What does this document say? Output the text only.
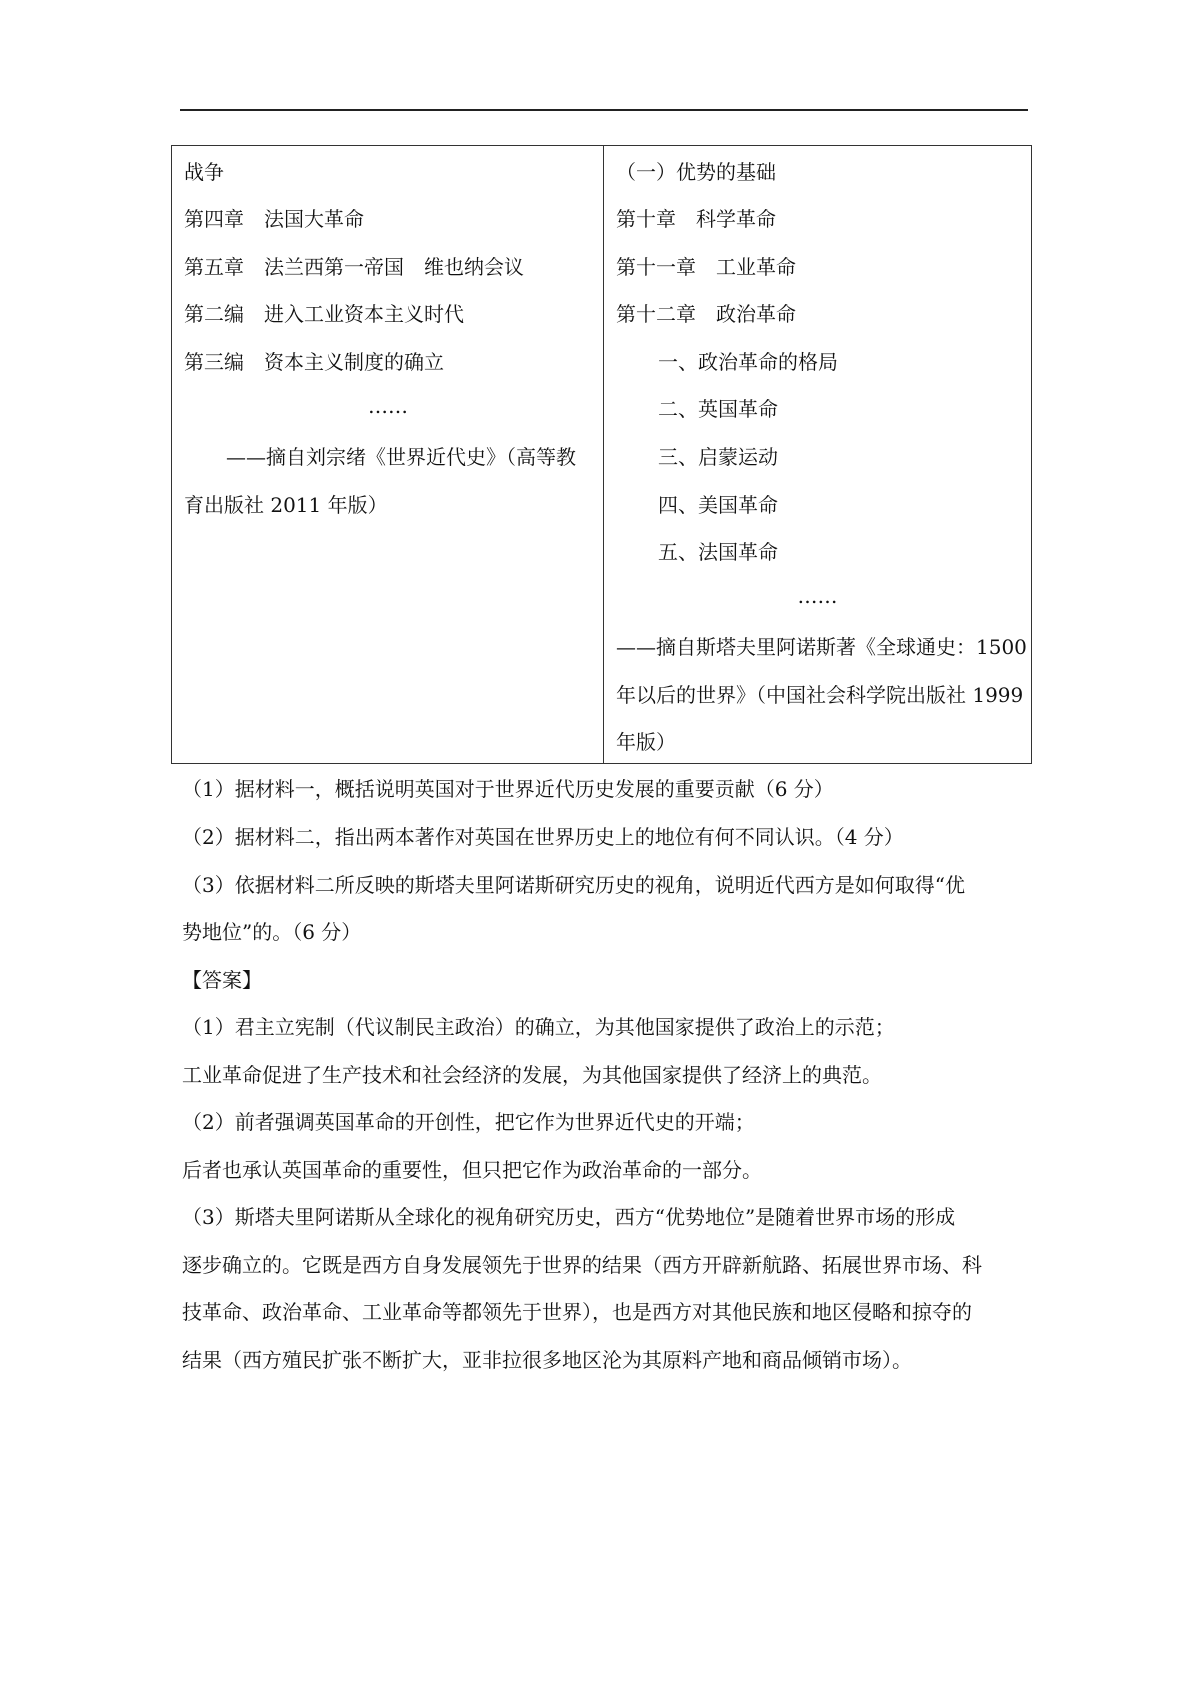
战争
第四章　法国大革命
第五章　法兰西第一帝国　维也纳会议
第二编　进入工业资本主义时代
第三编　资本主义制度的确立
……
——摘自刘宗绪《世界近代史》（高等教
育出版社 2011 年版）
（一）优势的基础
第十章　科学革命
第十一章　工业革命
第十二章　政治革命
一、政治革命的格局
二、英国革命
三、启蒙运动
四、美国革命
五、法国革命
……
——摘自斯塔夫里阿诺斯著《全球通史：1500
年以后的世界》（中国社会科学院出版社 1999
年版）
（1）据材料一，概括说明英国对于世界近代历史发展的重要贡献（6 分）
（2）据材料二，指出两本著作对英国在世界历史上的地位有何不同认识。（4 分）
（3）依据材料二所反映的斯塔夫里阿诺斯研究历史的视角，说明近代西方是如何取得“优
势地位”的。（6 分）
【答案】
（1）君主立宪制（代议制民主政治）的确立，为其他国家提供了政治上的示范；
工业革命促进了生产技术和社会经济的发展，为其他国家提供了经济上的典范。
（2）前者强调英国革命的开创性，把它作为世界近代史的开端；
后者也承认英国革命的重要性，但只把它作为政治革命的一部分。
（3）斯塔夫里阿诺斯从全球化的视角研究历史，西方“优势地位”是随着世界市场的形成
逐步确立的。它既是西方自身发展领先于世界的结果（西方开辟新航路、拓展世界市场、科
技革命、政治革命、工业革命等都领先于世界），也是西方对其他民族和地区侵略和掠夺的
结果（西方殖民扩张不断扩大，亚非拉很多地区沦为其原料产地和商品倾销市场）。
